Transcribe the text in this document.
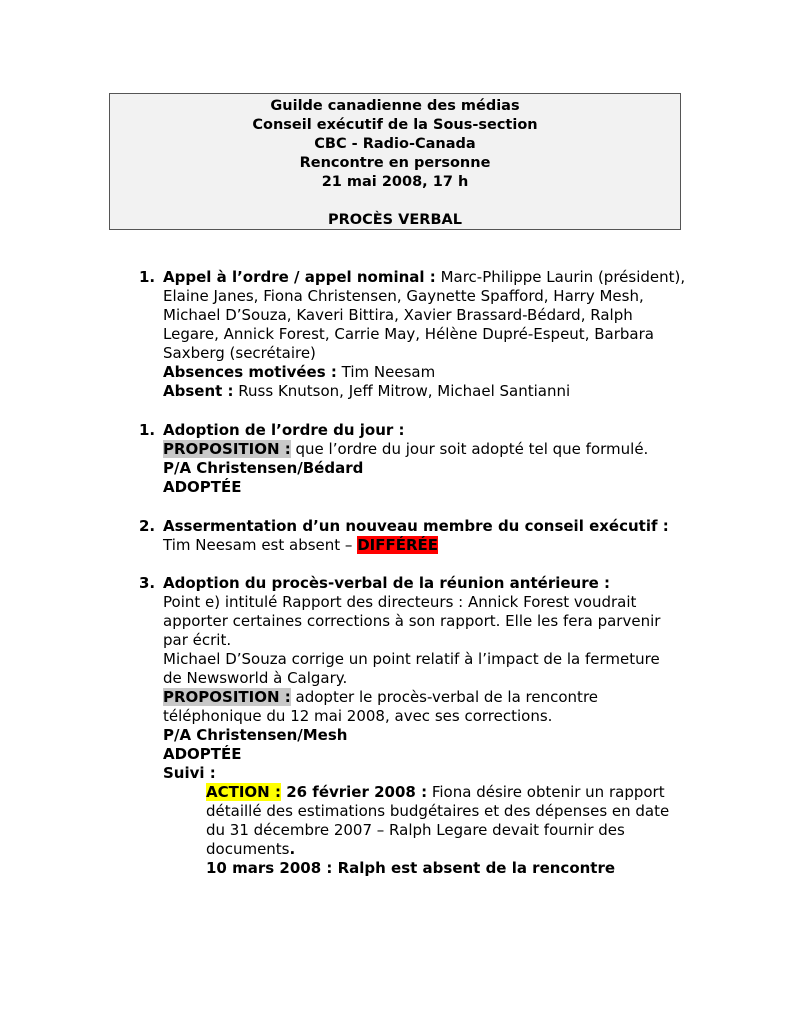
Guilde canadienne des médias
Conseil exécutif de la Sous-section
CBC - Radio-Canada
Rencontre en personne
21 mai 2008, 17 h
PROCÈS VERBAL
1. Appel à l’ordre / appel nominal : Marc-Philippe Laurin (président),
Elaine Janes, Fiona Christensen, Gaynette Spafford, Harry Mesh,
Michael D’Souza, Kaveri Bittira, Xavier Brassard-Bédard, Ralph
Legare, Annick Forest, Carrie May, Hélène Dupré-Espeut, Barbara
Saxberg (secrétaire)
Absences motivées : Tim Neesam
Absent : Russ Knutson, Jeff Mitrow, Michael Santianni
1. Adoption de l’ordre du jour :
PROPOSITION : que l’ordre du jour soit adopté tel que formulé.
P/A Christensen/Bédard
ADOPTÉE
2. Assermentation d’un nouveau membre du conseil exécutif :
Tim Neesam est absent – DIFFÉRÉE
3. Adoption du procès-verbal de la réunion antérieure :
Point e) intitulé Rapport des directeurs : Annick Forest voudrait
apporter certaines corrections à son rapport. Elle les fera parvenir
par écrit.
Michael D’Souza corrige un point relatif à l’impact de la fermeture
de Newsworld à Calgary.
PROPOSITION : adopter le procès-verbal de la rencontre
téléphonique du 12 mai 2008, avec ses corrections.
P/A Christensen/Mesh
ADOPTÉE
Suivi :
ACTION : 26 février 2008 : Fiona désire obtenir un rapport
détaillé des estimations budgétaires et des dépenses en date
du 31 décembre 2007 – Ralph Legare devait fournir des
documents.
10 mars 2008 : Ralph est absent de la rencontre
